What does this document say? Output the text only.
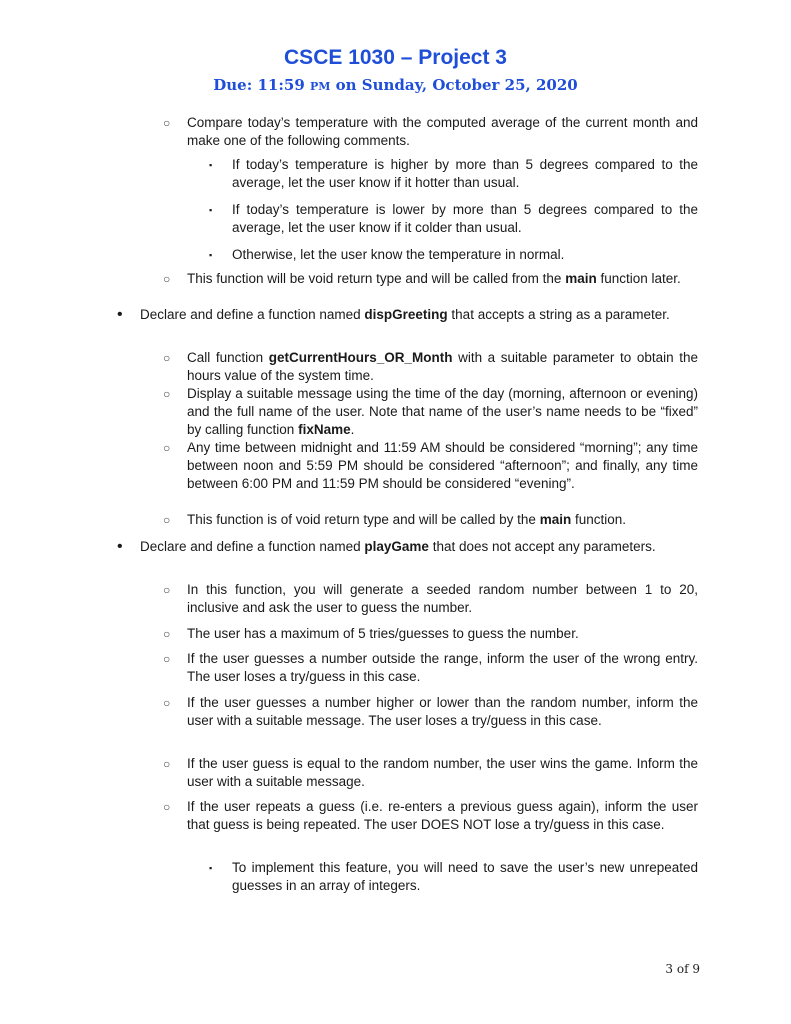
CSCE 1030 – Project 3
Due: 11:59 PM on Sunday, October 25, 2020
○ Compare today’s temperature with the computed average of the current month and make one of the following comments.
▪ If today’s temperature is higher by more than 5 degrees compared to the average, let the user know if it hotter than usual.
▪ If today’s temperature is lower by more than 5 degrees compared to the average, let the user know if it colder than usual.
▪ Otherwise, let the user know the temperature in normal.
○ This function will be void return type and will be called from the main function later.
• Declare and define a function named dispGreeting that accepts a string as a parameter.
○ Call function getCurrentHours_OR_Month with a suitable parameter to obtain the hours value of the system time.
○ Display a suitable message using the time of the day (morning, afternoon or evening) and the full name of the user. Note that name of the user’s name needs to be “fixed” by calling function fixName.
○ Any time between midnight and 11:59 AM should be considered “morning”; any time between noon and 5:59 PM should be considered “afternoon”; and finally, any time between 6:00 PM and 11:59 PM should be considered “evening”.
○ This function is of void return type and will be called by the main function.
• Declare and define a function named playGame that does not accept any parameters.
○ In this function, you will generate a seeded random number between 1 to 20, inclusive and ask the user to guess the number.
○ The user has a maximum of 5 tries/guesses to guess the number.
○ If the user guesses a number outside the range, inform the user of the wrong entry. The user loses a try/guess in this case.
○ If the user guesses a number higher or lower than the random number, inform the user with a suitable message. The user loses a try/guess in this case.
○ If the user guess is equal to the random number, the user wins the game. Inform the user with a suitable message.
○ If the user repeats a guess (i.e. re-enters a previous guess again), inform the user that guess is being repeated. The user DOES NOT lose a try/guess in this case.
▪ To implement this feature, you will need to save the user’s new unrepeated guesses in an array of integers.
3 of 9
